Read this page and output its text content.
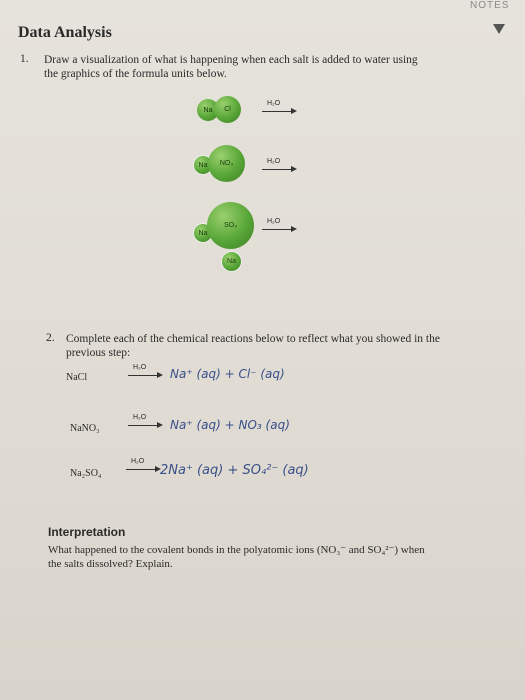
NOTES
Data Analysis
1. Draw a visualization of what is happening when each salt is added to water using
the graphics of the formula units below.
Na Cl
H₂O
Na NO₃	H₂O
Na
SO₄
Na
H₂O
2. Complete each of the chemical reactions below to reflect what you showed in the
previous step:
NaCl
H₂O Na⁺ (aq) + Cl⁻ (aq)
NaNO₃
H₂O
Na⁺ (aq) + NO₃ (aq)
Na₂SO₄
H₂O
2Na⁺ (aq) + SO₄²⁻ (aq)
Interpretation
What happened to the covalent bonds in the polyatomic ions (NO₃⁻ and SO₄²⁻) when
the salts dissolved? Explain.
